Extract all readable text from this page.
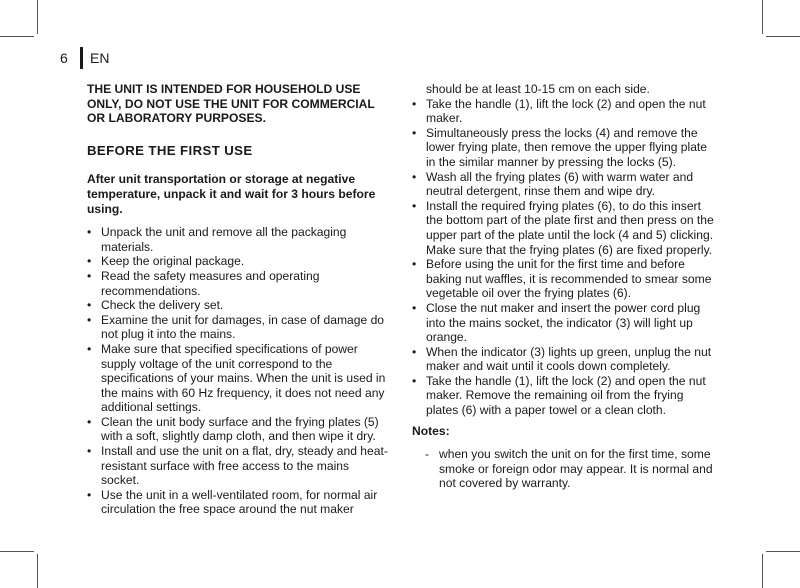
6	EN

THE UNIT IS INTENDED FOR HOUSEHOLD USE ONLY, DO NOT USE THE UNIT FOR COMMERCIAL OR LABORATORY PURPOSES.

BEFORE THE FIRST USE

After unit transportation or storage at negative temperature, unpack it and wait for 3 hours before using.

• Unpack the unit and remove all the packaging materials.
• Keep the original package.
• Read the safety measures and operating recommendations.
• Check the delivery set.
• Examine the unit for damages, in case of damage do not plug it into the mains.
• Make sure that specified specifications of power supply voltage of the unit correspond to the specifications of your mains. When the unit is used in the mains with 60 Hz frequency, it does not need any additional settings.
• Clean the unit body surface and the frying plates (5) with a soft, slightly damp cloth, and then wipe it dry.
• Install and use the unit on a flat, dry, steady and heat-resistant surface with free access to the mains socket.
• Use the unit in a well-ventilated room, for normal air circulation the free space around the nut maker

should be at least 10-15 cm on each side.

• Take the handle (1), lift the lock (2) and open the nut maker.
• Simultaneously press the locks (4) and remove the lower frying plate, then remove the upper flying plate in the similar manner by pressing the locks (5).
• Wash all the frying plates (6) with warm water and neutral detergent, rinse them and wipe dry.
• Install the required frying plates (6), to do this insert the bottom part of the plate first and then press on the upper part of the plate until the lock (4 and 5) clicking. Make sure that the frying plates (6) are fixed properly.
• Before using the unit for the first time and before baking nut waffles, it is recommended to smear some vegetable oil over the frying plates (6).
• Close the nut maker and insert the power cord plug into the mains socket, the indicator (3) will light up orange.
• When the indicator (3) lights up green, unplug the nut maker and wait until it cools down completely.
• Take the handle (1), lift the lock (2) and open the nut maker. Remove the remaining oil from the frying plates (6) with a paper towel or a clean cloth.

Notes:

- when you switch the unit on for the first time, some smoke or foreign odor may appear. It is normal and not covered by warranty.
